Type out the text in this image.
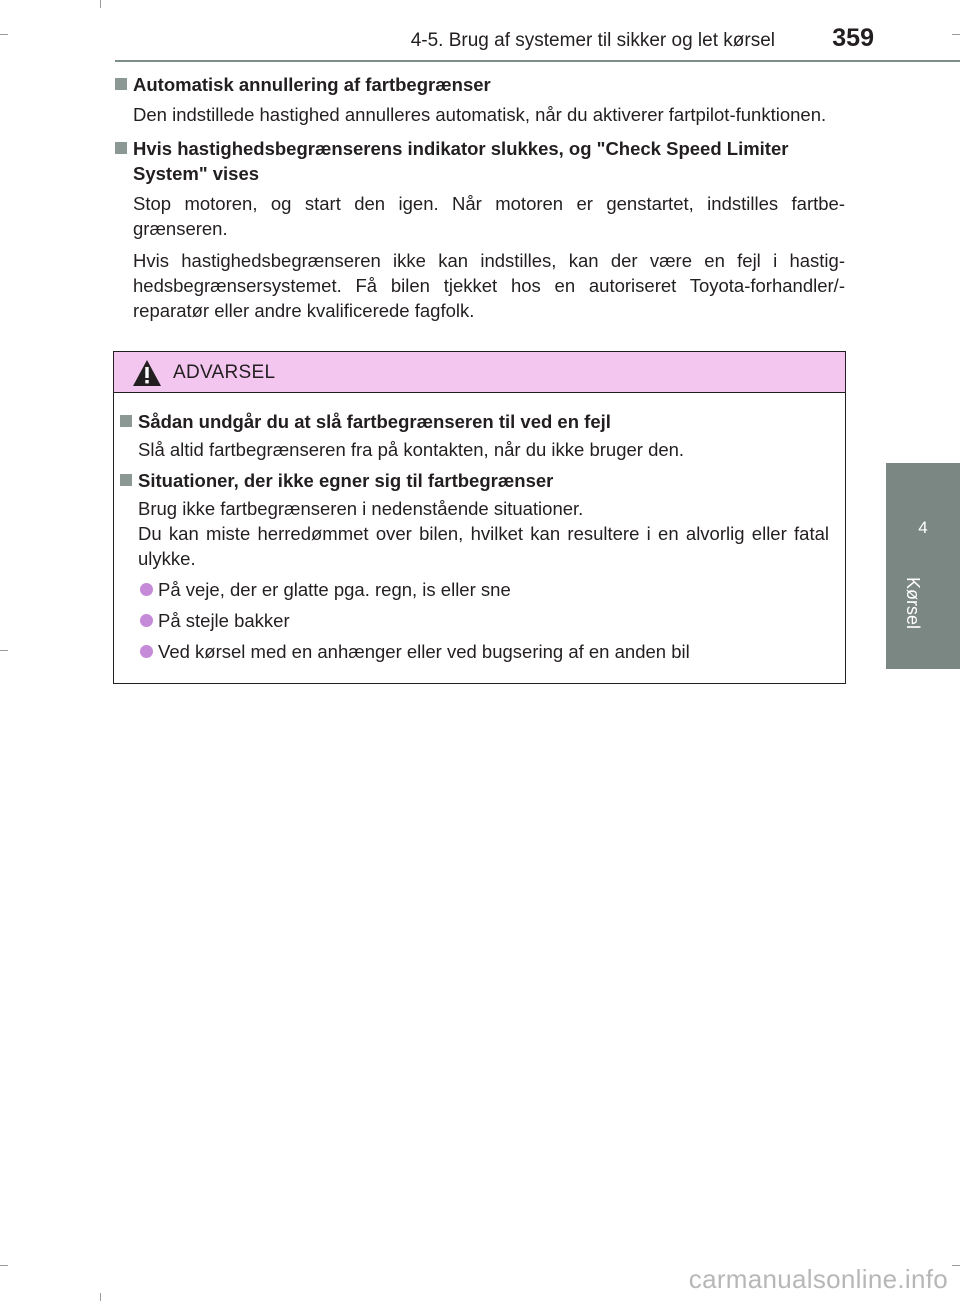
4-5. Brug af systemer til sikker og let kørsel 359
4
Kørsel
Automatisk annullering af fartbegrænser
Den indstillede hastighed annulleres automatisk, når du aktiverer fartpilot-funktionen.
Hvis hastighedsbegrænserens indikator slukkes, og "Check Speed Limiter System" vises
Stop motoren, og start den igen. Når motoren er genstartet, indstilles fartbe-grænseren.
Hvis hastighedsbegrænseren ikke kan indstilles, kan der være en fejl i hastig-hedsbegrænsersystemet. Få bilen tjekket hos en autoriseret Toyota-forhandler/-reparatør eller andre kvalificerede fagfolk.
ADVARSEL
Sådan undgår du at slå fartbegrænseren til ved en fejl
Slå altid fartbegrænseren fra på kontakten, når du ikke bruger den.
Situationer, der ikke egner sig til fartbegrænser
Brug ikke fartbegrænseren i nedenstående situationer.
Du kan miste herredømmet over bilen, hvilket kan resultere i en alvorlig eller fatal ulykke.
På veje, der er glatte pga. regn, is eller sne
På stejle bakker
Ved kørsel med en anhænger eller ved bugsering af en anden bil
carmanualsonline.info
